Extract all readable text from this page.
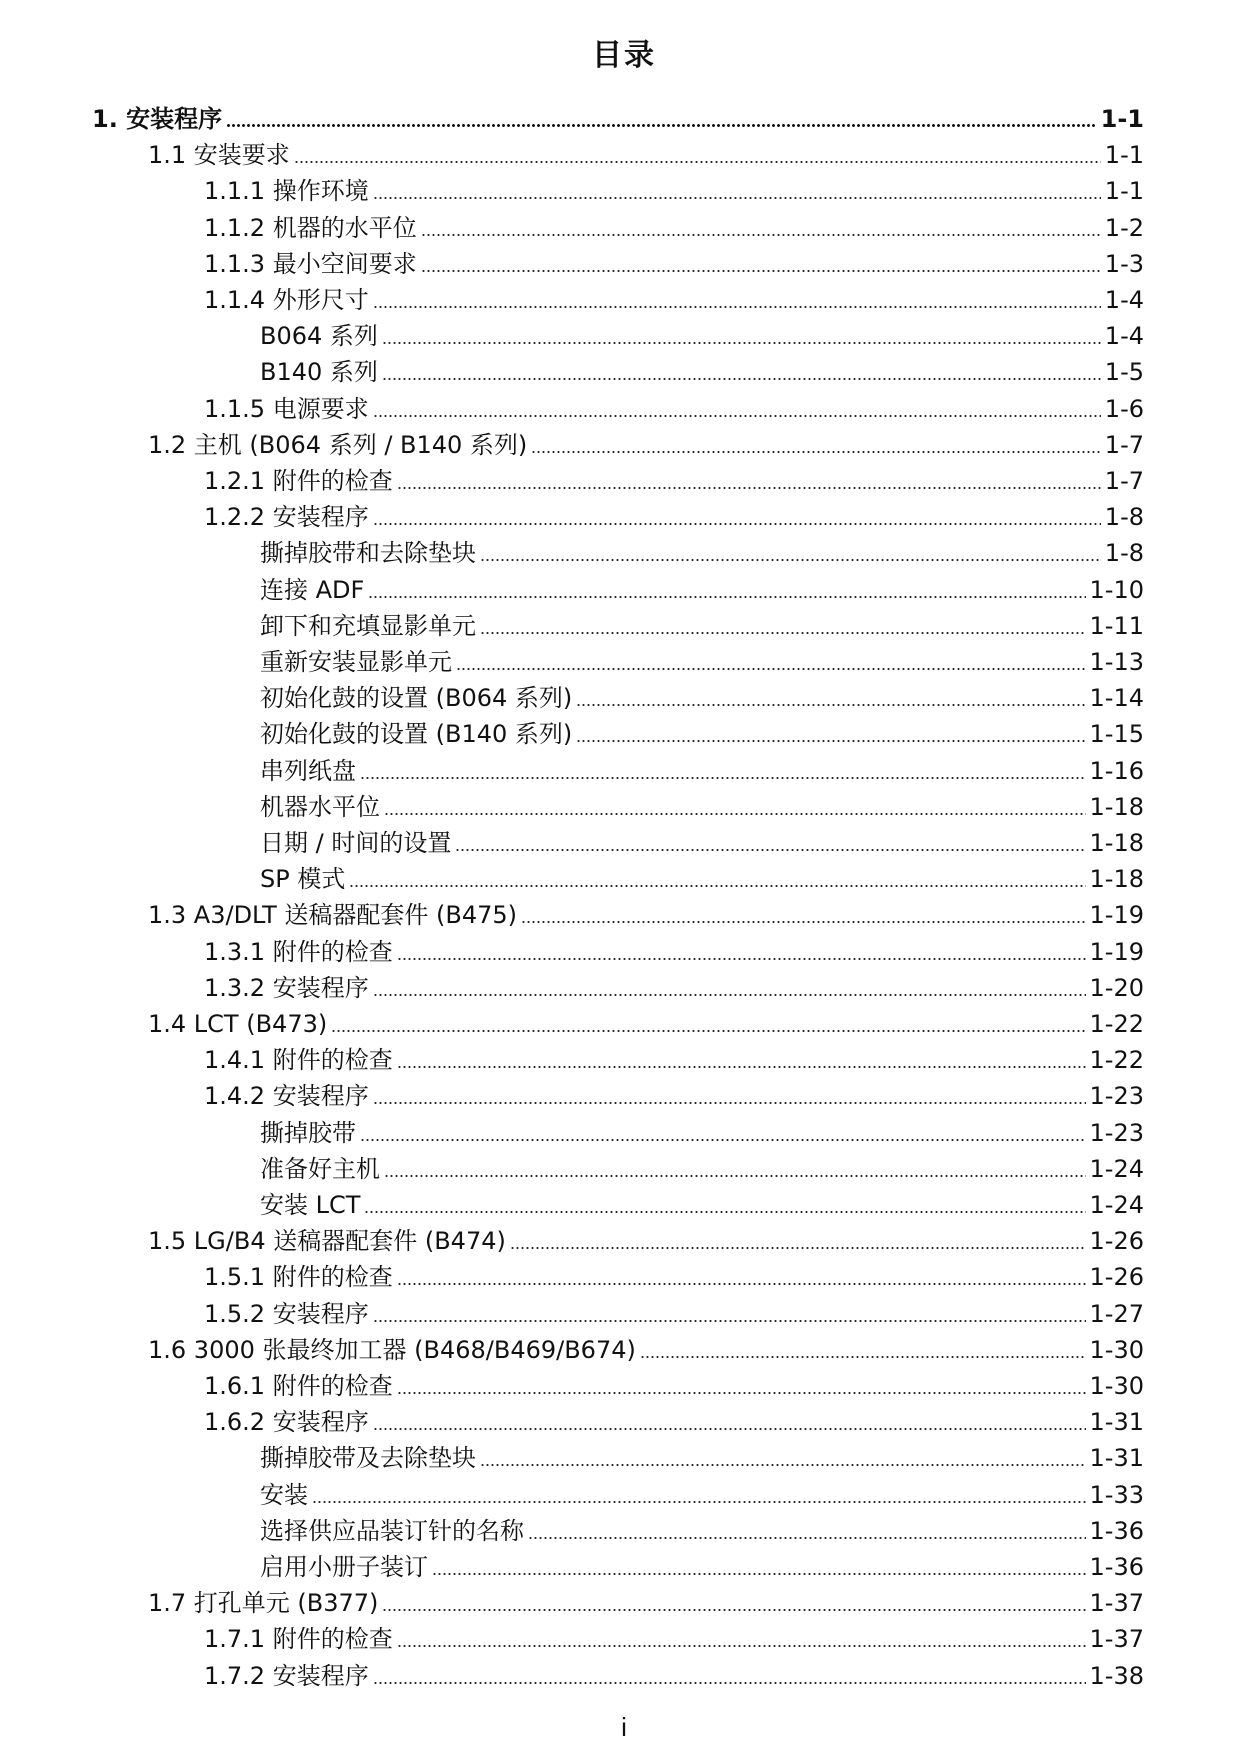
目录
1. 安装程序	1-1
1.1 安装要求	1-1
1.1.1 操作环境	1-1
1.1.2 机器的水平位	1-2
1.1.3 最小空间要求	1-3
1.1.4 外形尺寸	1-4
B064 系列	1-4
B140 系列	1-5
1.1.5 电源要求	1-6
1.2 主机 (B064 系列 / B140 系列)	1-7
1.2.1 附件的检查	1-7
1.2.2 安装程序	1-8
撕掉胶带和去除垫块	1-8
连接 ADF	1-10
卸下和充填显影单元	1-11
重新安装显影单元	1-13
初始化鼓的设置 (B064 系列)	1-14
初始化鼓的设置 (B140 系列)	1-15
串列纸盘	1-16
机器水平位	1-18
日期 / 时间的设置	1-18
SP 模式	1-18
1.3 A3/DLT 送稿器配套件 (B475)	1-19
1.3.1 附件的检查	1-19
1.3.2 安装程序	1-20
1.4 LCT (B473)	1-22
1.4.1 附件的检查	1-22
1.4.2 安装程序	1-23
撕掉胶带	1-23
准备好主机	1-24
安装 LCT	1-24
1.5 LG/B4 送稿器配套件 (B474)	1-26
1.5.1 附件的检查	1-26
1.5.2 安装程序	1-27
1.6 3000 张最终加工器 (B468/B469/B674)	1-30
1.6.1 附件的检查	1-30
1.6.2 安装程序	1-31
撕掉胶带及去除垫块	1-31
安装	1-33
选择供应品装订针的名称	1-36
启用小册子装订	1-36
1.7 打孔单元 (B377)	1-37
1.7.1 附件的检查	1-37
1.7.2 安装程序	1-38
i
